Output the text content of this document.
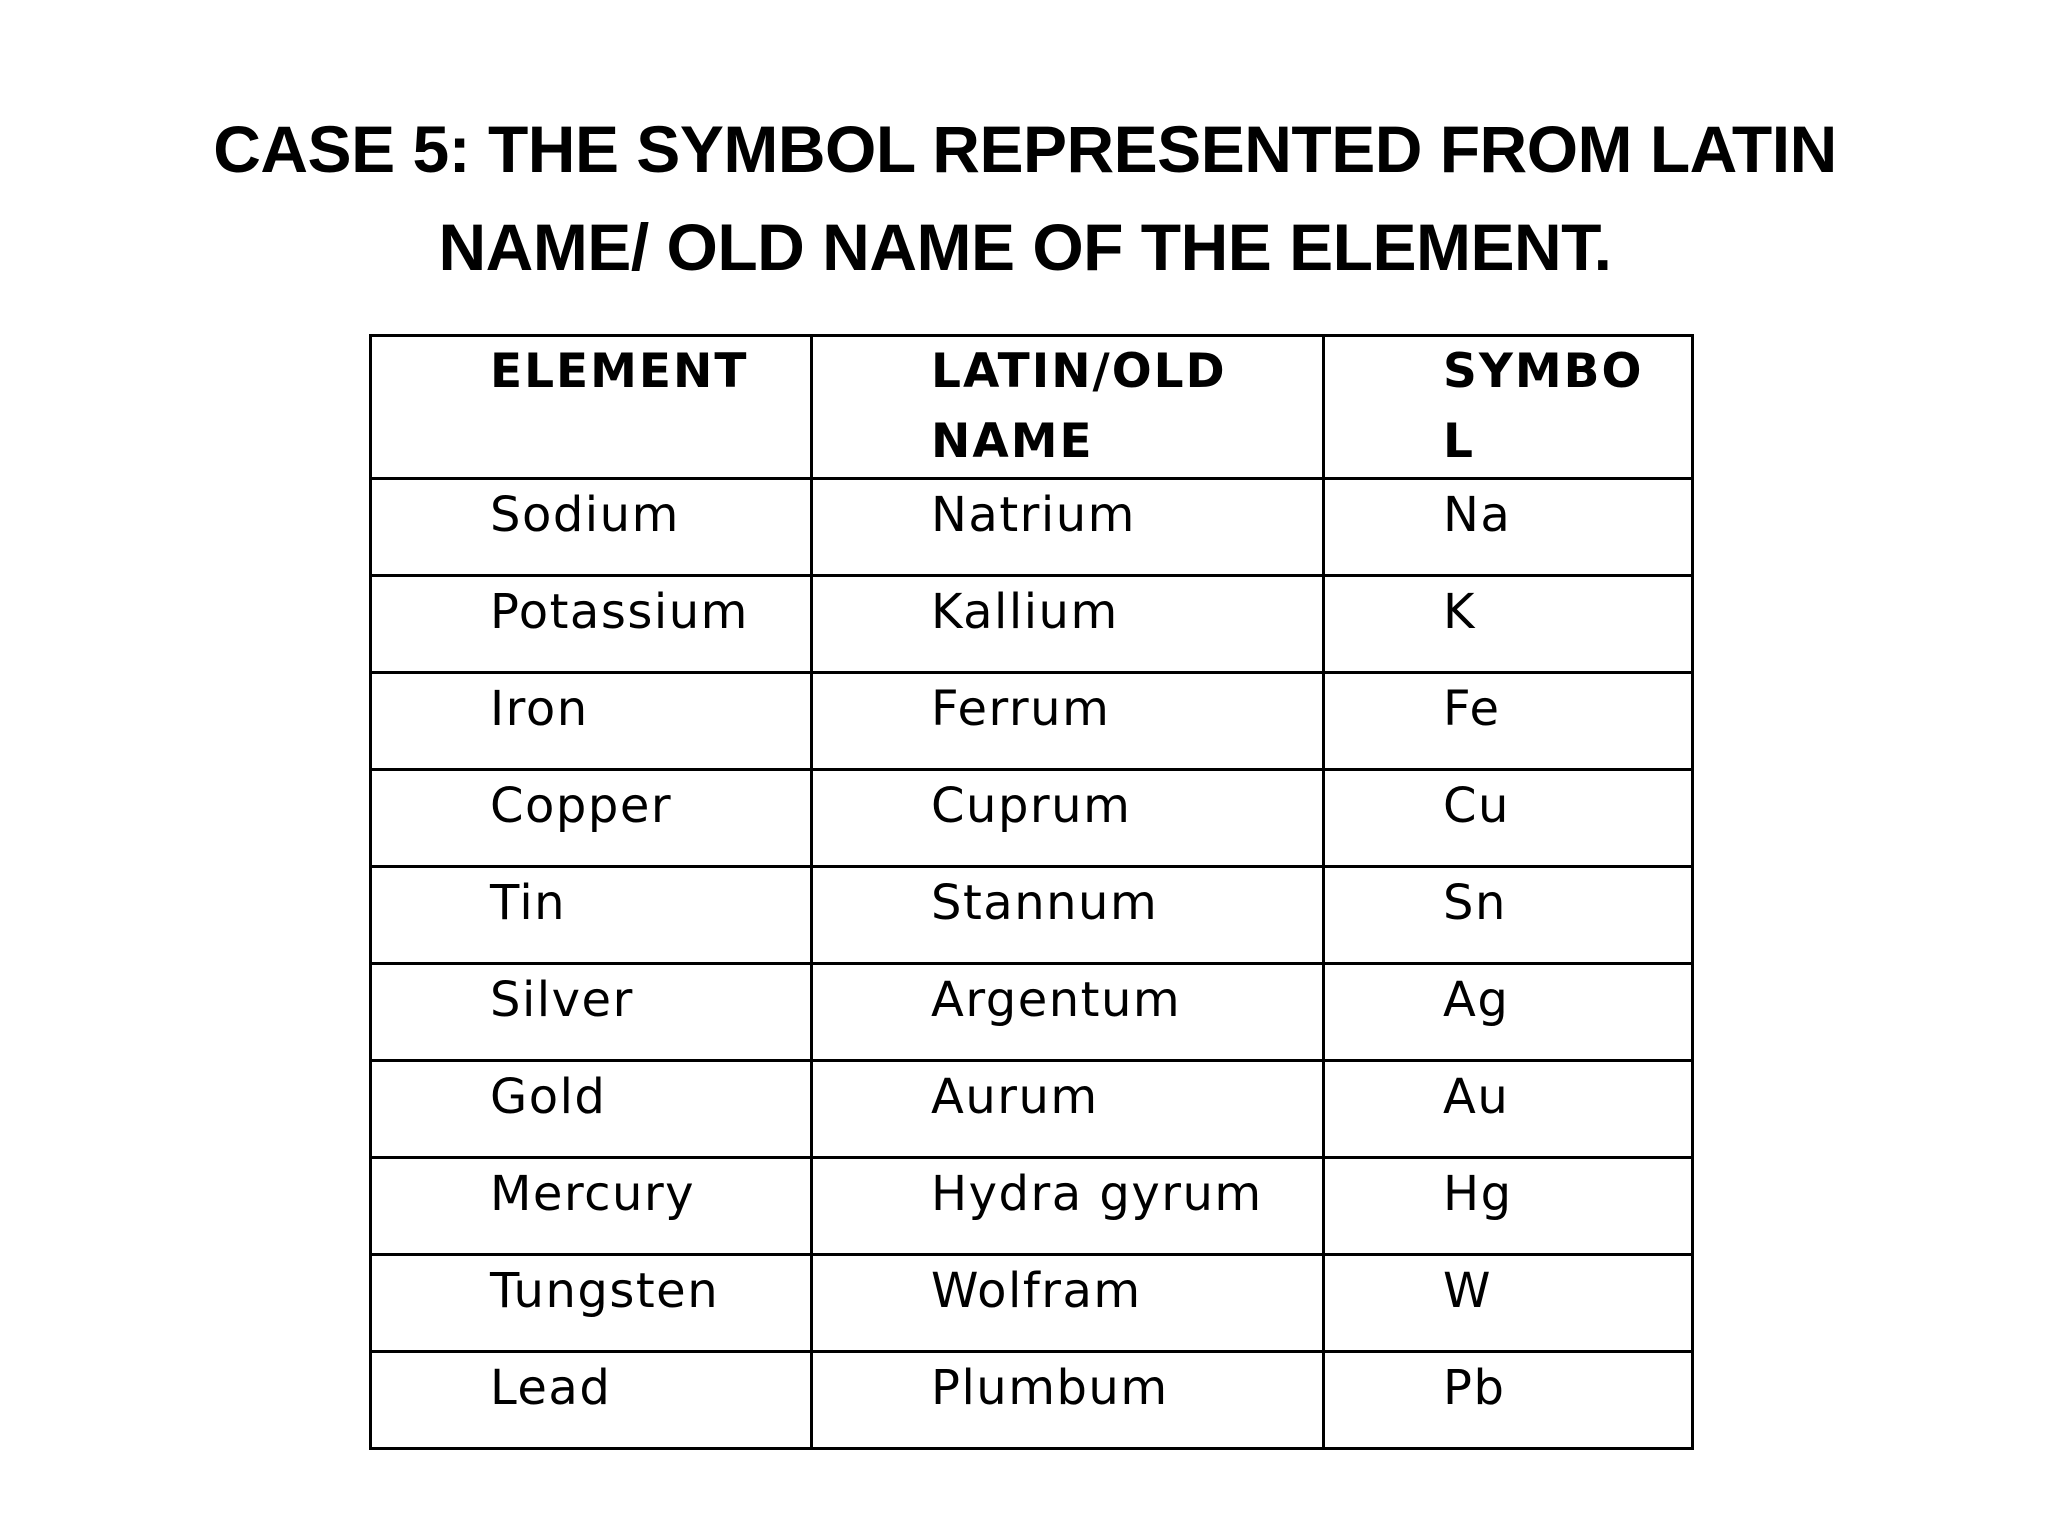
CASE 5: THE SYMBOL REPRESENTED FROM LATIN
NAME/ OLD NAME OF THE ELEMENT.
ELEMENT	LATIN/OLD NAME	SYMBOL

Sodium	Natrium	Na
Potassium	Kallium	K
Iron	Ferrum	Fe
Copper	Cuprum	Cu
Tin	Stannum	Sn
Silver	Argentum	Ag
Gold	Aurum	Au
Mercury	Hydra gyrum	Hg
Tungsten	Wolfram	W
Lead	Plumbum	Pb
